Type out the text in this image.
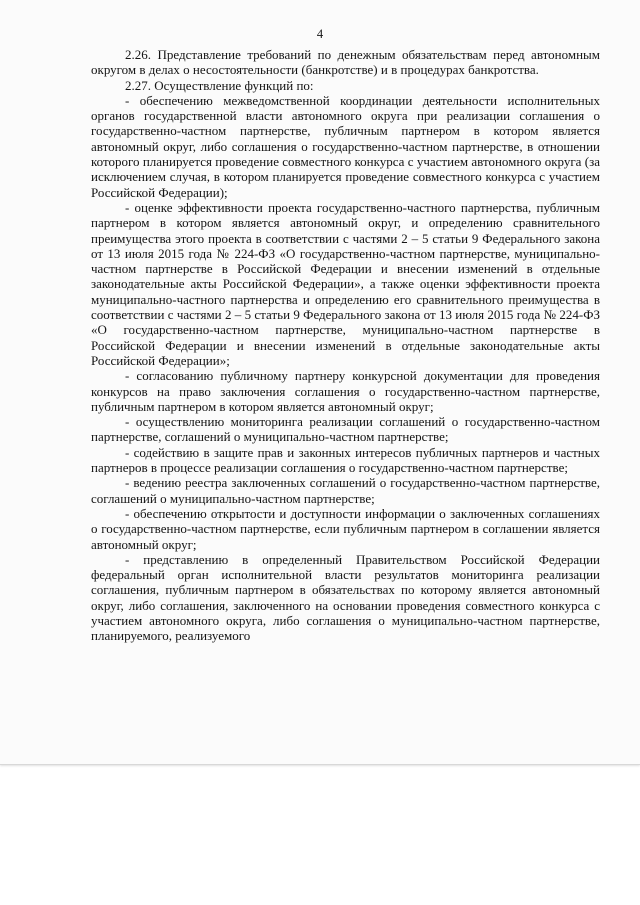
4

2.26. Представление требований по денежным обязательствам перед автономным округом в делах о несостоятельности (банкротстве) и в процедурах банкротства.

2.27. Осуществление функций по:

- обеспечению межведомственной координации деятельности исполнительных органов государственной власти автономного округа при реализации соглашения о государственно-частном партнерстве, публичным партнером в котором является автономный округ, либо соглашения о государственно-частном партнерстве, в отношении которого планируется проведение совместного конкурса с участием автономного округа (за исключением случая, в котором планируется проведение совместного конкурса с участием Российской Федерации);

- оценке эффективности проекта государственно-частного партнерства, публичным партнером в котором является автономный округ, и определению сравнительного преимущества этого проекта в соответствии с частями 2 – 5 статьи 9 Федерального закона от 13 июля 2015 года № 224-ФЗ «О государственно-частном партнерстве, муниципально-частном партнерстве в Российской Федерации и внесении изменений в отдельные законодательные акты Российской Федерации», а также оценки эффективности проекта муниципально-частного партнерства и определению его сравнительного преимущества в соответствии с частями 2 – 5 статьи 9 Федерального закона от 13 июля 2015 года № 224-ФЗ «О государственно-частном партнерстве, муниципально-частном партнерстве в Российской Федерации и внесении изменений в отдельные законодательные акты Российской Федерации»;

- согласованию публичному партнеру конкурсной документации для проведения конкурсов на право заключения соглашения о государственно-частном партнерстве, публичным партнером в котором является автономный округ;

- осуществлению мониторинга реализации соглашений о государственно-частном партнерстве, соглашений о муниципально-частном партнерстве;

- содействию в защите прав и законных интересов публичных партнеров и частных партнеров в процессе реализации соглашения о государственно-частном партнерстве;

- ведению реестра заключенных соглашений о государственно-частном партнерстве, соглашений о муниципально-частном партнерстве;

- обеспечению открытости и доступности информации о заключенных соглашениях о государственно-частном партнерстве, если публичным партнером в соглашении является автономный округ;

- представлению в определенный Правительством Российской Федерации федеральный орган исполнительной власти результатов мониторинга реализации соглашения, публичным партнером в обязательствах по которому является автономный округ, либо соглашения, заключенного на основании проведения совместного конкурса с участием автономного округа, либо соглашения о муниципально-частном партнерстве, планируемого, реализуемого
